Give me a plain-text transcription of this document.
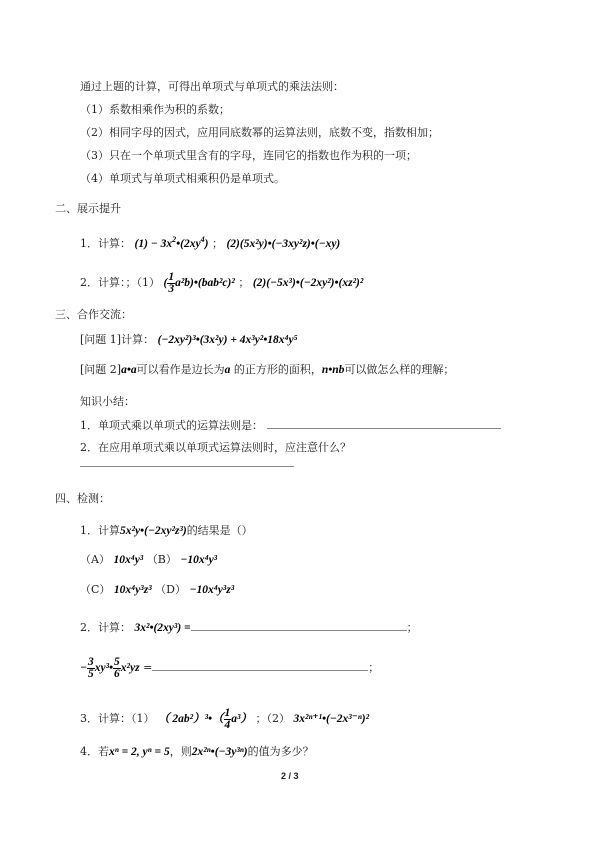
通过上题的计算，可得出单项式与单项式的乘法法则：
（1）系数相乘作为积的系数；
（2）相同字母的因式，应用同底数幂的运算法则，底数不变，指数相加；
（3）只在一个单项式里含有的字母，连同它的指数也作为积的一项；
（4）单项式与单项式相乘积仍是单项式。
二、展示提升
1．计算： $(1) - 3x^2•(2xy^4)$ ； (2)(5x²y)•(−3xy²z)•(−xy)
2．计算：；（1） ( $\frac{1}{3}$ a²b)•(bab²c)² ； (2)(−5x³)•(−2xy²)•(xz²)²
三、合作交流：
[问题 1]计算： (−2xy²)³•(3x²y) + 4x³y²•18x⁴y⁵
[问题 2]a•a可以看作是边长为a 的正方形的面积，n•nb可以做怎么样的理解；
知识小结：
1．单项式乘以单项式的运算法则是：
2．在应用单项式乘以单项式运算法则时，应注意什么？
四、检测：
1．计算5x²y•(−2xy²z³)的结果是（）
（A） 10x⁴y³ （B） −10x⁴y³
（C） 10x⁴y³z³ （D） −10x⁴y³z³
2．计算： 3x²•(2xy³) =	；
− $\frac{3}{5}$ xy³• $\frac{5}{6} x^2yz$ =	；
3．计算：（1） （ 2ab²）³•（ $\frac{1}{4} a^3$） ；（2） 3x²ⁿ⁺¹•(−2x³⁻ⁿ)²
4．若xⁿ = 2, yⁿ = 5，则2x²ⁿ•(−3y³ⁿ)的值为多少？
2 / 3
